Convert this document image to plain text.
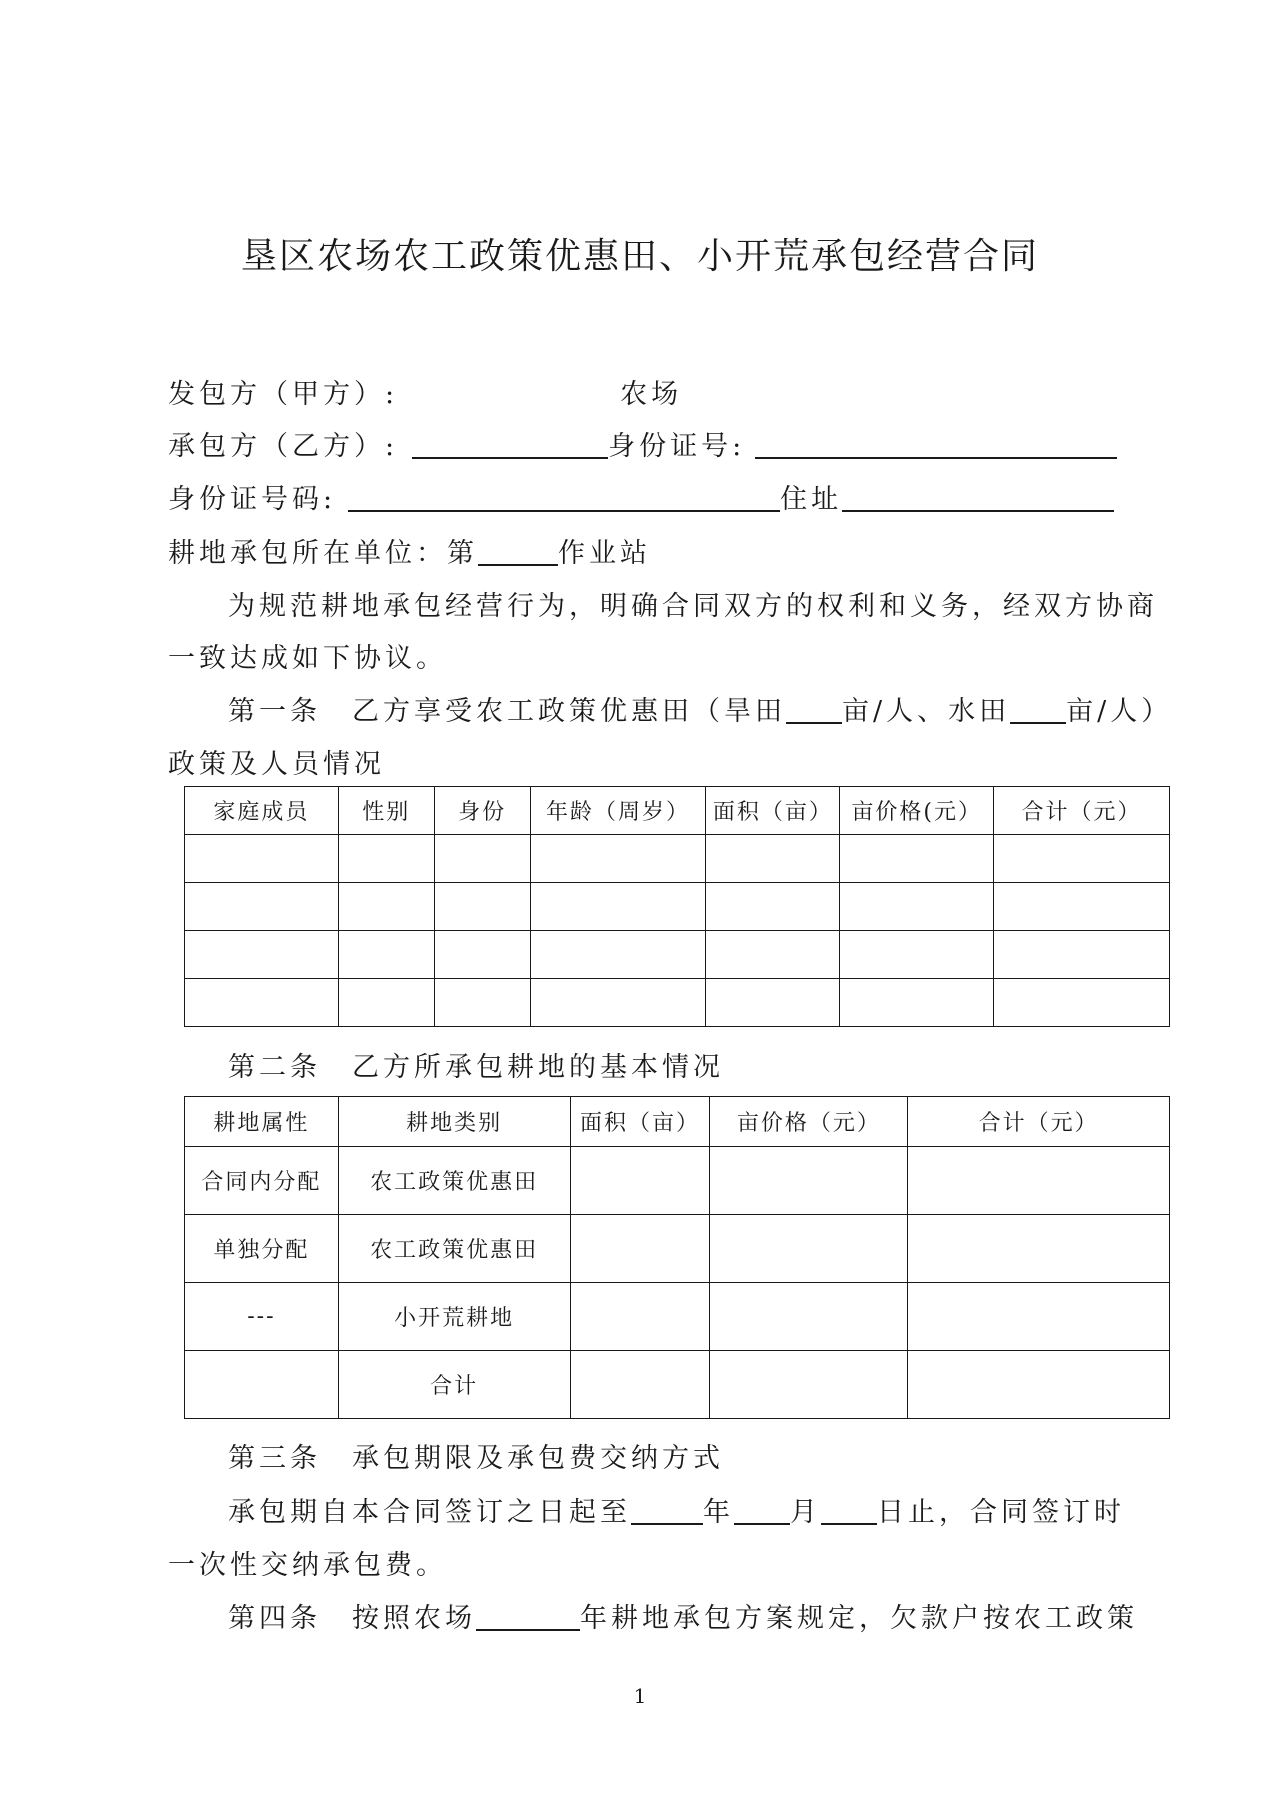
垦区农场农工政策优惠田、小开荒承包经营合同
发包方（甲方）:	农场
承包方（乙方）:	身份证号:
身份证号码:	住址
耕地承包所在单位：第	作业站
为规范耕地承包经营行为，明确合同双方的权利和义务，经双方协商
一致达成如下协议。
第一条　乙方享受农工政策优惠田（旱田 亩/人、水田 亩/人）
政策及人员情况
家庭成员	性别	身份	年龄（周岁）	面积（亩）	亩价格(元）	合计（元）

第二条　乙方所承包耕地的基本情况
耕地属性	耕地类别	面积（亩）	亩价格（元）	合计（元）
合同内分配	农工政策优惠田			
单独分配	农工政策优惠田			
---	小开荒耕地			
	合计			
第三条　承包期限及承包费交纳方式
承包期自本合同签订之日起至	年 月 日止，合同签订时
一次性交纳承包费。
第四条　按照农场	年耕地承包方案规定，欠款户按农工政策
1
